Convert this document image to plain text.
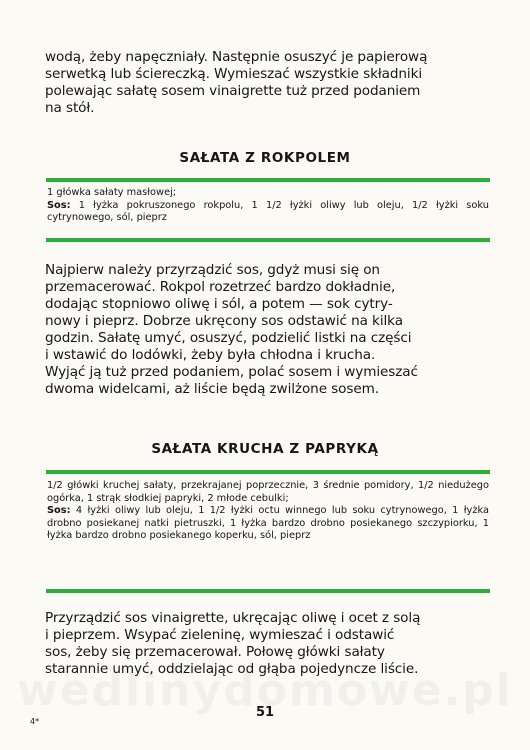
wodą, żeby napęczniały. Następnie osuszyć je papierową
serwetką lub ściereczką. Wymieszać wszystkie składniki
polewając sałatę sosem vinaigrette tuż przed podaniem
na stół.
SAŁATA Z ROKPOLEM

1 główka sałaty masłowej;

Sos: 1 łyżka pokruszonego rokpolu, 1 1/2 łyżki oliwy lub oleju, 1/2 łyżki soku cytrynowego, sól, pieprz

Najpierw należy przyrządzić sos, gdyż musi się on
przemacerować. Rokpol rozetrzeć bardzo dokładnie,
dodając stopniowo oliwę i sól, a potem — sok cytry-
nowy i pieprz. Dobrze ukręcony sos odstawić na kilka
godzin. Sałatę umyć, osuszyć, podzielić listki na części
i wstawić do lodówki, żeby była chłodna i krucha.
Wyjąć ją tuż przed podaniem, polać sosem i wymieszać
dwoma widelcami, aż liście będą zwilżone sosem.
SAŁATA KRUCHA Z PAPRYKĄ

1/2 główki kruchej sałaty, przekrajanej poprzecznie, 3 średnie pomidory, 1/2 niedużego ogórka, 1 strąk słodkiej papryki, 2 młode cebulki;

Sos: 4 łyżki oliwy lub oleju, 1 1/2 łyżki octu winnego lub soku cytrynowego, 1 łyżka drobno posiekanej natki pietruszki, 1 łyżka bardzo drobno posiekanego szczypiorku, 1 łyżka bardzo drobno posiekanego koperku, sól, pieprz

Przyrządzić sos vinaigrette, ukręcając oliwę i ocet z solą
i pieprzem. Wsypać zieleninę, wymieszać i odstawić
sos, żeby się przemacerował. Połowę główki sałaty
starannie umyć, oddzielając od głąba pojedyncze liście.
51
4*
